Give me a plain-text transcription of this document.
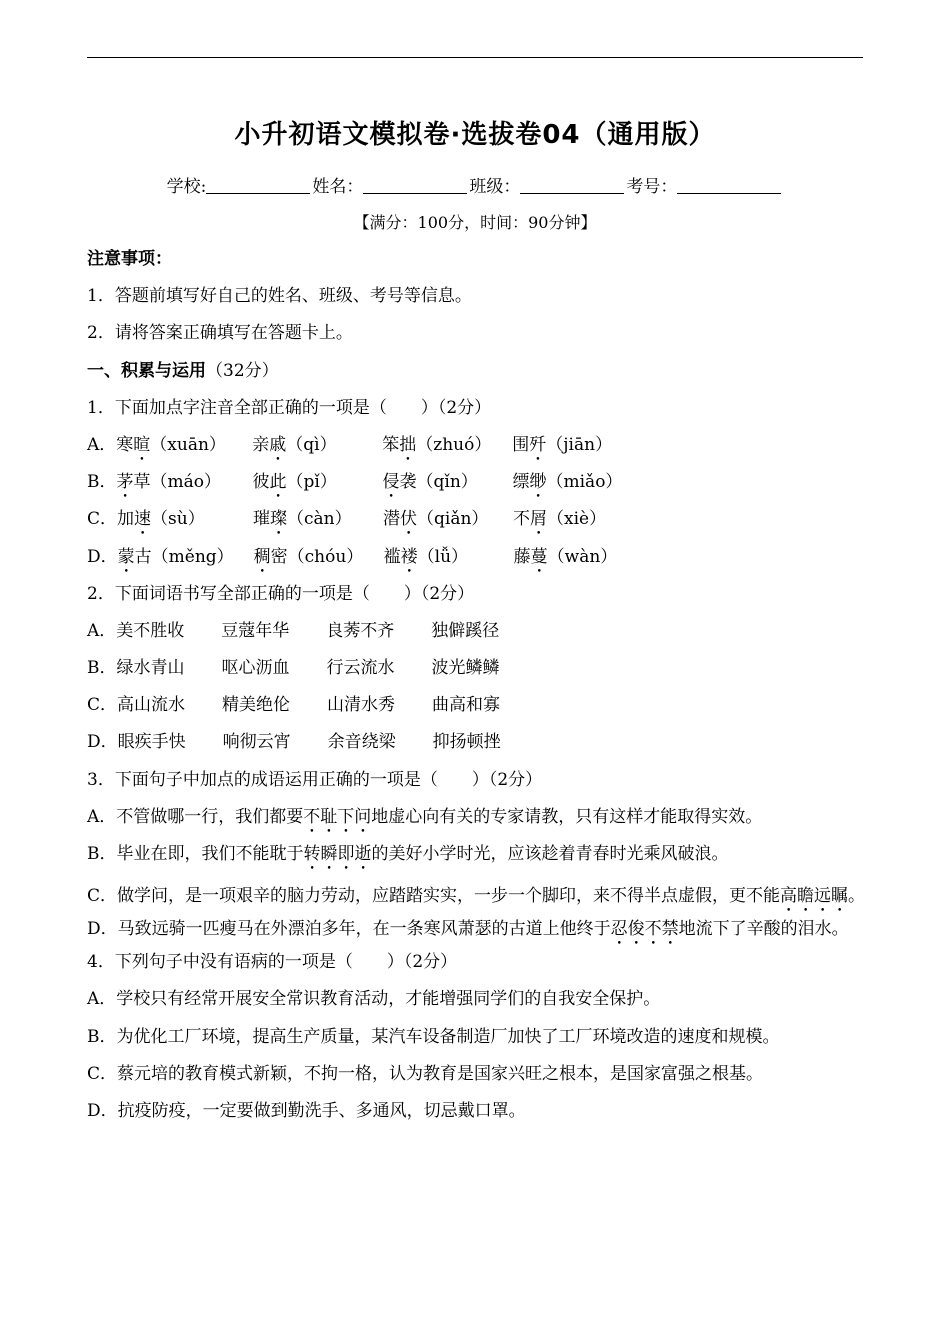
小升初语文模拟卷·选拔卷04（通用版）
学校:	姓名：	班级：	考号：
【满分：100分，时间：90分钟】
注意事项：
1．答题前填写好自己的姓名、班级、考号等信息。
2．请将答案正确填写在答题卡上。
一、积累与运用（32分）
1．下面加点字注音全部正确的一项是（　　）（2分）
A．寒暄（xuān） 亲戚（qì）	笨拙（zhuó） 围歼（jiān）
B．茅草（máo） 彼此（pǐ）	侵袭（qǐn） 缥缈（miǎo）
C．加速（sù）	璀璨（càn） 潜伏（qiǎn） 不屑（xiè）
D．蒙古（měng） 稠密（chóu） 褴褛（lǚ）	藤蔓（wàn）
2．下面词语书写全部正确的一项是（　　）（2分）
A．美不胜收 豆蔻年华 良莠不齐 独僻蹊径
B．绿水青山 呕心沥血 行云流水 波光鳞鳞
C．高山流水 精美绝伦 山清水秀 曲高和寡
D．眼疾手快 响彻云宵 余音绕梁 抑扬顿挫
3．下面句子中加点的成语运用正确的一项是（　　）（2分）
A．不管做哪一行，我们都要不耻下问地虚心向有关的专家请教，只有这样才能取得实效。
B．毕业在即，我们不能耽于转瞬即逝的美好小学时光，应该趁着青春时光乘风破浪。
C．做学问，是一项艰辛的脑力劳动，应踏踏实实，一步一个脚印，来不得半点虚假，更不能高瞻远瞩。
D．马致远骑一匹瘦马在外漂泊多年，在一条寒风萧瑟的古道上他终于忍俊不禁地流下了辛酸的泪水。
4．下列句子中没有语病的一项是（　　）（2分）
A．学校只有经常开展安全常识教育活动，才能增强同学们的自我安全保护。
B．为优化工厂环境，提高生产质量，某汽车设备制造厂加快了工厂环境改造的速度和规模。
C．蔡元培的教育模式新颖，不拘一格，认为教育是国家兴旺之根本，是国家富强之根基。
D．抗疫防疫，一定要做到勤洗手、多通风，切忌戴口罩。
